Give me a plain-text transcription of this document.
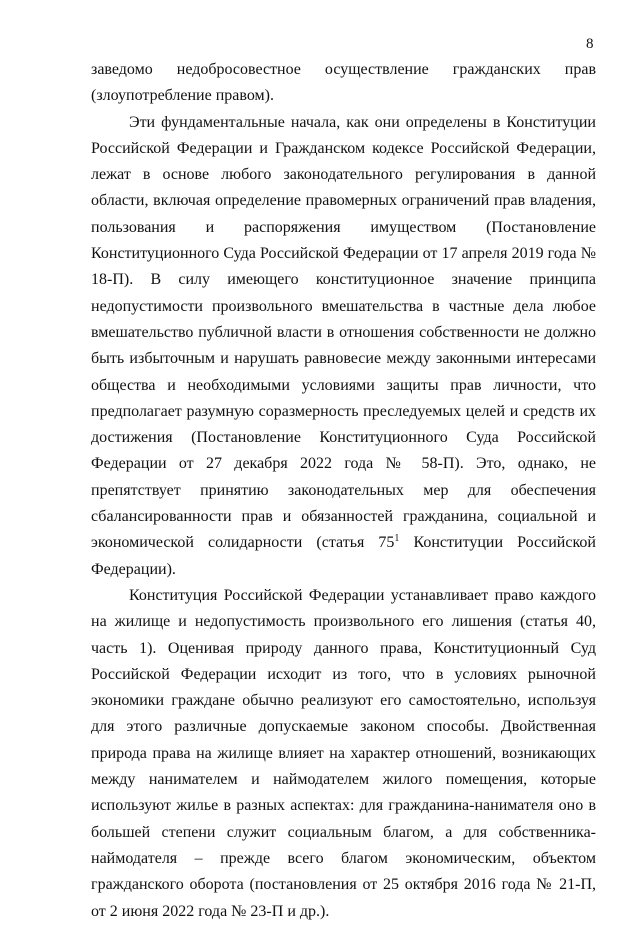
8

заведомо недобросовестное осуществление гражданских прав (злоупотребление правом).

Эти фундаментальные начала, как они определены в Конституции Российской Федерации и Гражданском кодексе Российской Федерации, лежат в основе любого законодательного регулирования в данной области, включая определение правомерных ограничений прав владения, пользования и распоряжения имуществом (Постановление Конституционного Суда Российской Федерации от 17 апреля 2019 года № 18-П). В силу имеющего конституционное значение принципа недопустимости произвольного вмешательства в частные дела любое вмешательство публичной власти в отношения собственности не должно быть избыточным и нарушать равновесие между законными интересами общества и необходимыми условиями защиты прав личности, что предполагает разумную соразмерность преследуемых целей и средств их достижения (Постановление Конституционного Суда Российской Федерации от 27 декабря 2022 года № 58-П). Это, однако, не препятствует принятию законодательных мер для обеспечения сбалансированности прав и обязанностей гражданина, социальной и экономической солидарности (статья $75^1$ Конституции Российской Федерации).

Конституция Российской Федерации устанавливает право каждого на жилище и недопустимость произвольного его лишения (статья 40, часть 1). Оценивая природу данного права, Конституционный Суд Российской Федерации исходит из того, что в условиях рыночной экономики граждане обычно реализуют его самостоятельно, используя для этого различные допускаемые законом способы. Двойственная природа права на жилище влияет на характер отношений, возникающих между нанимателем и наймодателем жилого помещения, которые используют жилье в разных аспектах: для гражданина-нанимателя оно в большей степени служит социальным благом, а для собственника-наймодателя – прежде всего благом экономическим, объектом гражданского оборота (постановления от 25 октября 2016 года № 21-П, от 2 июня 2022 года № 23-П и др.).
